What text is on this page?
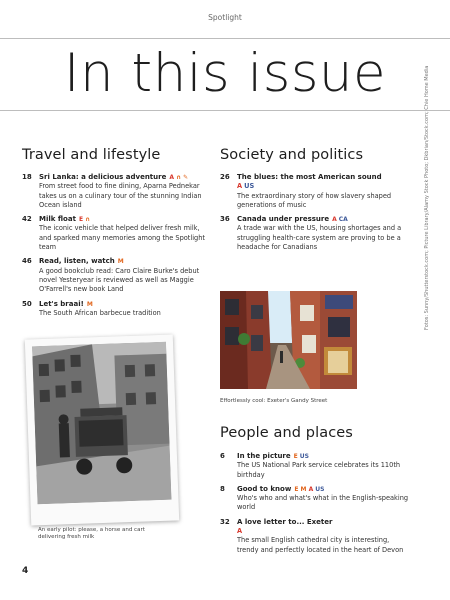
Spotlight
In this issue
Travel and lifestyle
18	Sri Lanka: a delicious adventure A ∩ ✎
From street food to fine dining, Aparna Pednekar takes us on a culinary tour of the stunning Indian Ocean island
42	Milk float E ∩
The iconic vehicle that helped deliver fresh milk, and sparked many memories among the Spotlight team
46	Read, listen, watch M
A good bookclub read: Caro Claire Burke's debut novel Yesteryear is reviewed as well as Maggie O'Farrell's new book Land
50	Let's braai! M
The South African barbecue tradition
Society and politics
26	The blues: the most American sound
A US
The extraordinary story of how slavery shaped generations of music
36	Canada under pressure A CA
A trade war with the US, housing shortages and a struggling health-care system are proving to be a headache for Canadians
Effortlessly cool: Exeter's Gandy Street
People and places
6	In the picture E US
The US National Park service celebrates its 110th birthday
8	Good to know E M A US
Who's who and what's what in the English-speaking world
32	A love letter to... Exeter
A
The small English cathedral city is interesting, trendy and perfectly located in the heart of Devon
An early pilot: please, a horse and cart delivering fresh milk
Fotos: Sunny/Shutterstock.com; Picture Library/Alamy Stock Photo; Dkbrian/Stock.com; Chie Home Media
4
